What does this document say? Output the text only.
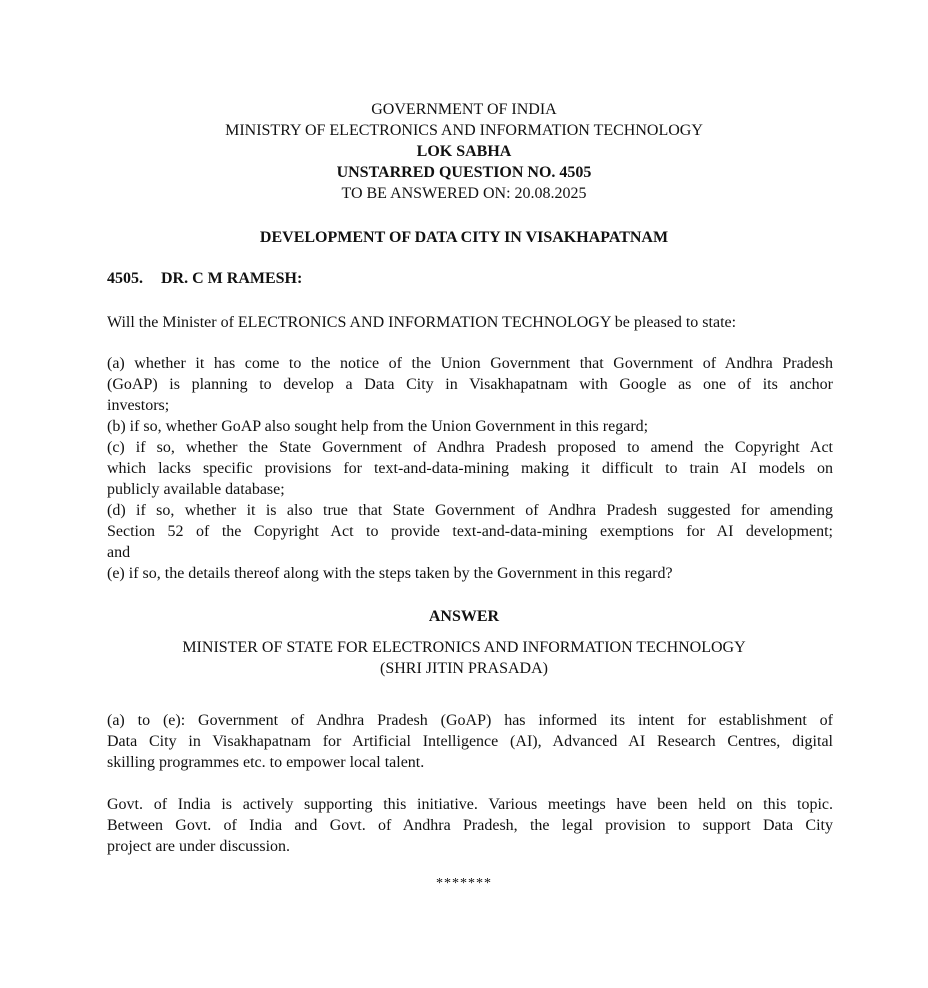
GOVERNMENT OF INDIA
MINISTRY OF ELECTRONICS AND INFORMATION TECHNOLOGY
LOK SABHA
UNSTARRED QUESTION NO. 4505
TO BE ANSWERED ON: 20.08.2025
DEVELOPMENT OF DATA CITY IN VISAKHAPATNAM
4505. DR. C M RAMESH:
Will the Minister of ELECTRONICS AND INFORMATION TECHNOLOGY be pleased to state:
(a) whether it has come to the notice of the Union Government that Government of Andhra Pradesh
(GoAP) is planning to develop a Data City in Visakhapatnam with Google as one of its anchor
investors;
(b) if so, whether GoAP also sought help from the Union Government in this regard;
(c) if so, whether the State Government of Andhra Pradesh proposed to amend the Copyright Act
which lacks specific provisions for text-and-data-mining making it difficult to train AI models on
publicly available database;
(d) if so, whether it is also true that State Government of Andhra Pradesh suggested for amending
Section 52 of the Copyright Act to provide text-and-data-mining exemptions for AI development;
and
(e) if so, the details thereof along with the steps taken by the Government in this regard?
ANSWER
MINISTER OF STATE FOR ELECTRONICS AND INFORMATION TECHNOLOGY
(SHRI JITIN PRASADA)
(a) to (e): Government of Andhra Pradesh (GoAP) has informed its intent for establishment of
Data City in Visakhapatnam for Artificial Intelligence (AI), Advanced AI Research Centres, digital
skilling programmes etc. to empower local talent.
Govt. of India is actively supporting this initiative. Various meetings have been held on this topic.
Between Govt. of India and Govt. of Andhra Pradesh, the legal provision to support Data City
project are under discussion.
*******
